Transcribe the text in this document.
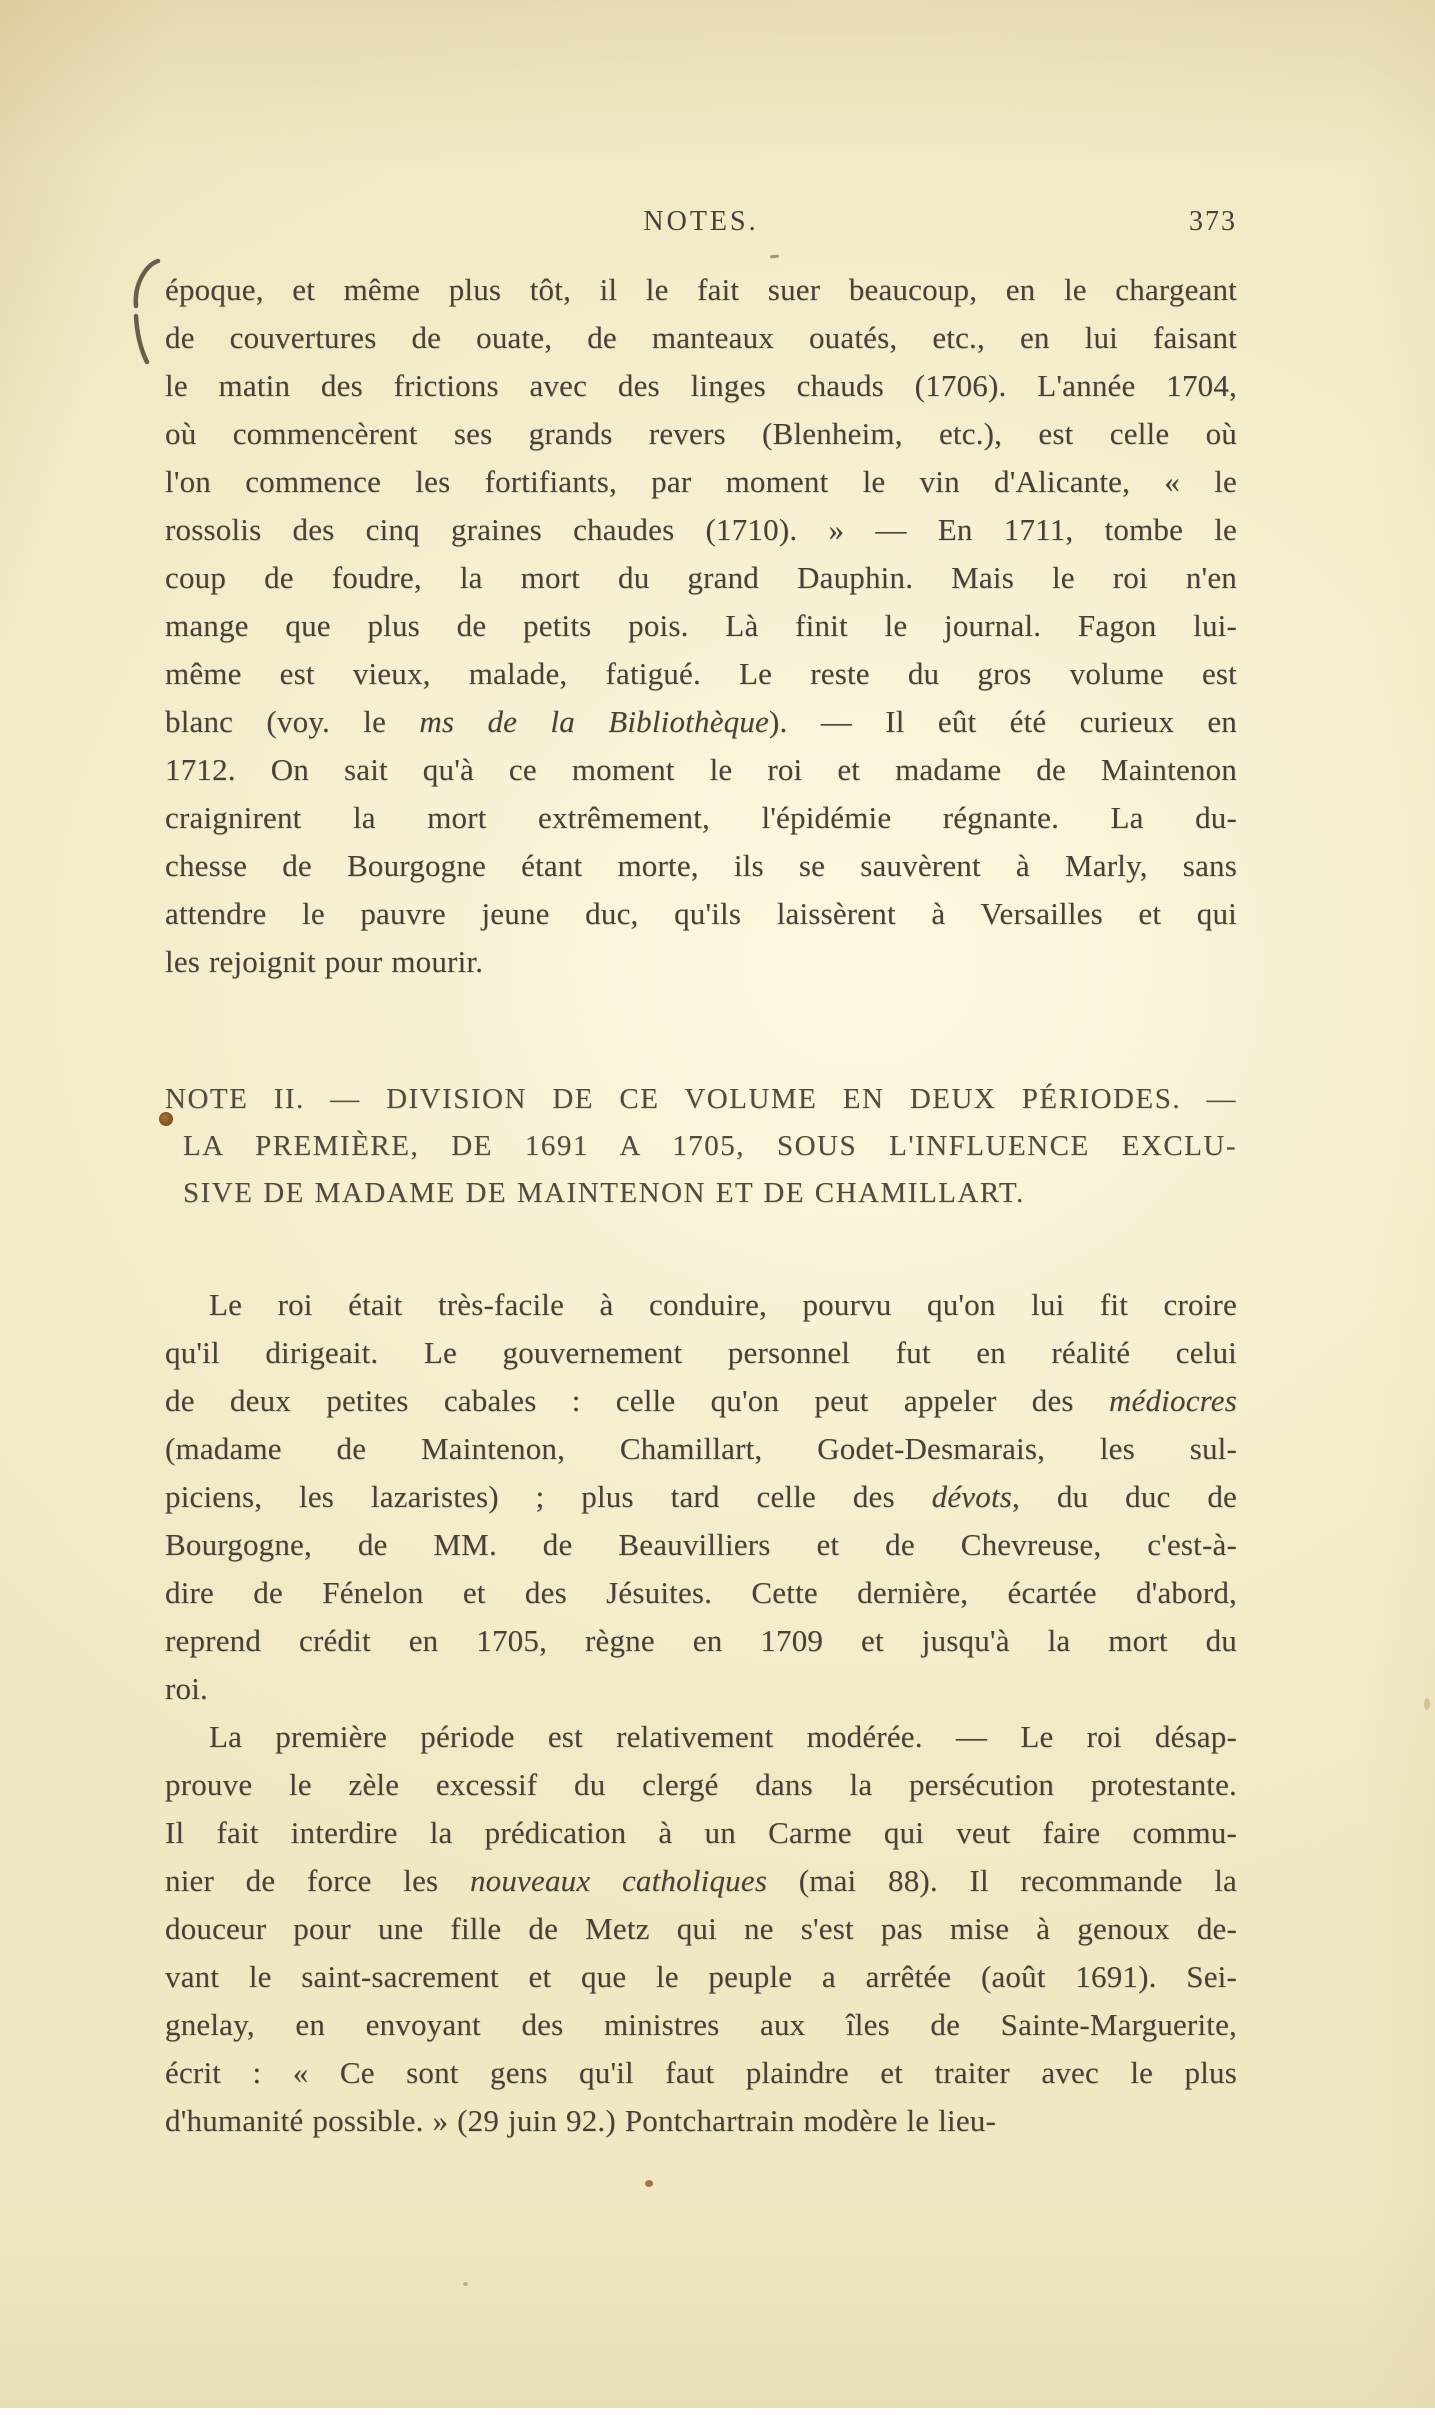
NOTES.	373
époque, et même plus tôt, il le fait suer beaucoup, en le chargeant
de couvertures de ouate, de manteaux ouatés, etc., en lui faisant
le matin des frictions avec des linges chauds (1706). L'année 1704,
où commencèrent ses grands revers (Blenheim, etc.), est celle où
l'on commence les fortifiants, par moment le vin d'Alicante, « le
rossolis des cinq graines chaudes (1710). » — En 1711, tombe le
coup de foudre, la mort du grand Dauphin. Mais le roi n'en
mange que plus de petits pois. Là finit le journal. Fagon lui-
même est vieux, malade, fatigué. Le reste du gros volume est
blanc (voy. le ms de la Bibliothèque). — Il eût été curieux en
1712. On sait qu'à ce moment le roi et madame de Maintenon
craignirent la mort extrêmement, l'épidémie régnante. La du-
chesse de Bourgogne étant morte, ils se sauvèrent à Marly, sans
attendre le pauvre jeune duc, qu'ils laissèrent à Versailles et qui
les rejoignit pour mourir.
NOTE II. — DIVISION DE CE VOLUME EN DEUX PÉRIODES. —
LA PREMIÈRE, DE 1691 A 1705, SOUS L'INFLUENCE EXCLU-
SIVE DE MADAME DE MAINTENON ET DE CHAMILLART.
Le roi était très-facile à conduire, pourvu qu'on lui fit croire
qu'il dirigeait. Le gouvernement personnel fut en réalité celui
de deux petites cabales : celle qu'on peut appeler des médiocres
(madame de Maintenon, Chamillart, Godet-Desmarais, les sul-
piciens, les lazaristes) ; plus tard celle des dévots, du duc de
Bourgogne, de MM. de Beauvilliers et de Chevreuse, c'est-à-
dire de Fénelon et des Jésuites. Cette dernière, écartée d'abord,
reprend crédit en 1705, règne en 1709 et jusqu'à la mort du
roi.
La première période est relativement modérée. — Le roi désap-
prouve le zèle excessif du clergé dans la persécution protestante.
Il fait interdire la prédication à un Carme qui veut faire commu-
nier de force les nouveaux catholiques (mai 88). Il recommande la
douceur pour une fille de Metz qui ne s'est pas mise à genoux de-
vant le saint-sacrement et que le peuple a arrêtée (août 1691). Sei-
gnelay, en envoyant des ministres aux îles de Sainte-Marguerite,
écrit : « Ce sont gens qu'il faut plaindre et traiter avec le plus
d'humanité possible. » (29 juin 92.) Pontchartrain modère le lieu-
